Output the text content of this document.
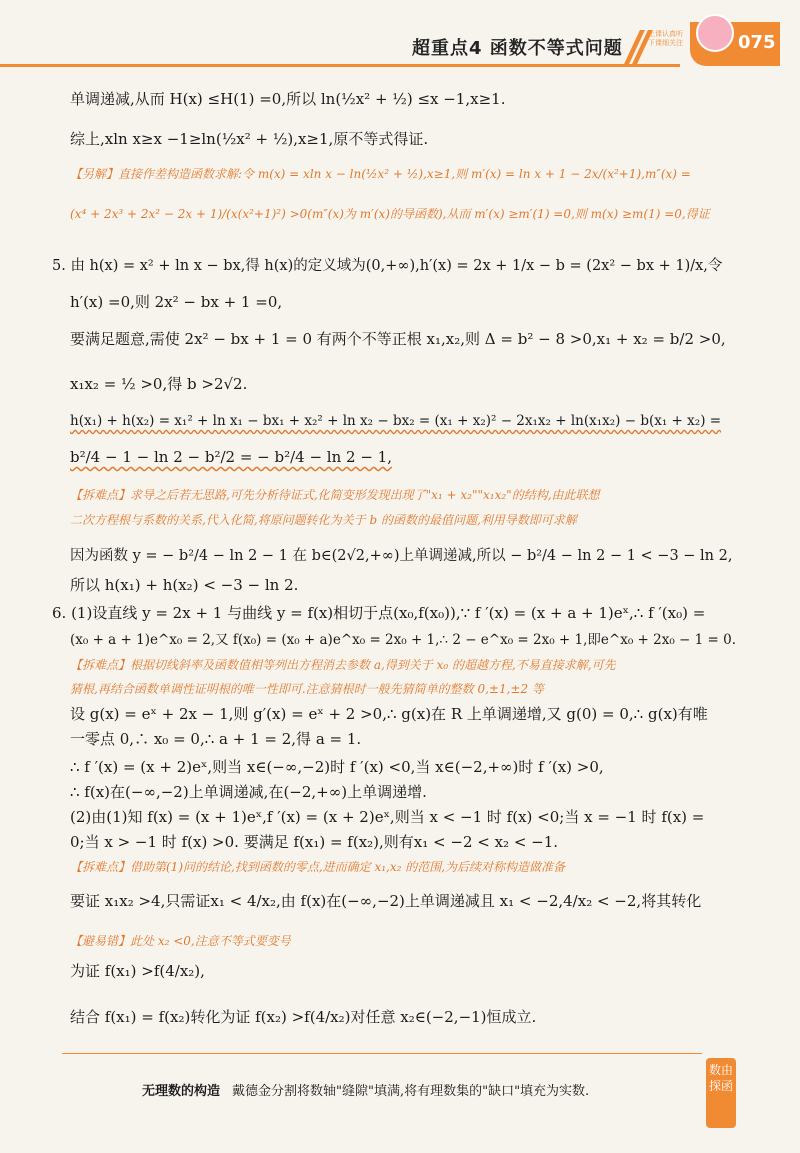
超重点4 函数不等式问题
上课认真听 下课细关注	075
单调递减,从而 H(x) ≤H(1) =0,所以 ln(½x² + ½) ≤x −1,x≥1.
综上,xln x≥x −1≥ln(½x² + ½),x≥1,原不等式得证.
【另解】直接作差构造函数求解:令 m(x) = xln x − ln(½x² + ½),x≥1,则 m′(x) = ln x + 1 − 2x/(x²+1),m″(x) =
(x⁴ + 2x³ + 2x² − 2x + 1)/(x(x²+1)²) >0(m″(x)为 m′(x)的导函数),从而 m′(x) ≥m′(1) =0,则 m(x) ≥m(1) =0,得证
5. 由 h(x) = x² + ln x − bx,得 h(x)的定义域为(0,+∞),h′(x) = 2x + 1/x − b = (2x² − bx + 1)/x,令
h′(x) =0,则 2x² − bx + 1 =0,
要满足题意,需使 2x² − bx + 1 = 0 有两个不等正根 x₁,x₂,则 Δ = b² − 8 >0,x₁ + x₂ = b/2 >0,
x₁x₂ = ½ >0,得 b >2√2.
h(x₁) + h(x₂) = x₁² + ln x₁ − bx₁ + x₂² + ln x₂ − bx₂ = (x₁ + x₂)² − 2x₁x₂ + ln(x₁x₂) − b(x₁ + x₂) =
b²/4 − 1 − ln 2 − b²/2 = − b²/4 − ln 2 − 1,
【拆难点】求导之后若无思路,可先分析待证式,化简变形发现出现了"x₁ + x₂""x₁x₂"的结构,由此联想
二次方程根与系数的关系,代入化简,将原问题转化为关于 b 的函数的最值问题,利用导数即可求解
因为函数 y = − b²/4 − ln 2 − 1 在 b∈(2√2,+∞)上单调递减,所以 − b²/4 − ln 2 − 1 < −3 − ln 2,
所以 h(x₁) + h(x₂) < −3 − ln 2.
6. (1)设直线 y = 2x + 1 与曲线 y = f(x)相切于点(x₀,f(x₀)),∵ f ′(x) = (x + a + 1)eˣ,∴ f ′(x₀) =
(x₀ + a + 1)e^x₀ = 2,又 f(x₀) = (x₀ + a)e^x₀ = 2x₀ + 1,∴ 2 − e^x₀ = 2x₀ + 1,即e^x₀ + 2x₀ − 1 = 0.
【拆难点】根据切线斜率及函数值相等列出方程消去参数 a,得到关于 x₀ 的超越方程,不易直接求解,可先
猜根,再结合函数单调性证明根的唯一性即可.注意猜根时一般先猜简单的整数 0,±1,±2 等
设 g(x) = eˣ + 2x − 1,则 g′(x) = eˣ + 2 >0,∴ g(x)在 R 上单调递增,又 g(0) = 0,∴ g(x)有唯
一零点 0,∴ x₀ = 0,∴ a + 1 = 2,得 a = 1.
∴ f ′(x) = (x + 2)eˣ,则当 x∈(−∞,−2)时 f ′(x) <0,当 x∈(−2,+∞)时 f ′(x) >0,
∴ f(x)在(−∞,−2)上单调递减,在(−2,+∞)上单调递增.
(2)由(1)知 f(x) = (x + 1)eˣ,f ′(x) = (x + 2)eˣ,则当 x < −1 时 f(x) <0;当 x = −1 时 f(x) =
0;当 x > −1 时 f(x) >0. 要满足 f(x₁) = f(x₂),则有x₁ < −2 < x₂ < −1.
【拆难点】借助第(1)问的结论,找到函数的零点,进而确定 x₁,x₂ 的范围,为后续对称构造做准备
要证 x₁x₂ >4,只需证x₁ < 4/x₂,由 f(x)在(−∞,−2)上单调递减且 x₁ < −2,4/x₂ < −2,将其转化
【避易错】此处 x₂ <0,注意不等式要变号
为证 f(x₁) >f(4/x₂),
结合 f(x₁) = f(x₂)转化为证 f(x₂) >f(4/x₂)对任意 x₂∈(−2,−1)恒成立.
无理数的构造 戴德金分割将数轴"缝隙"填满,将有理数集的"缺口"填充为实数.
数由探函
